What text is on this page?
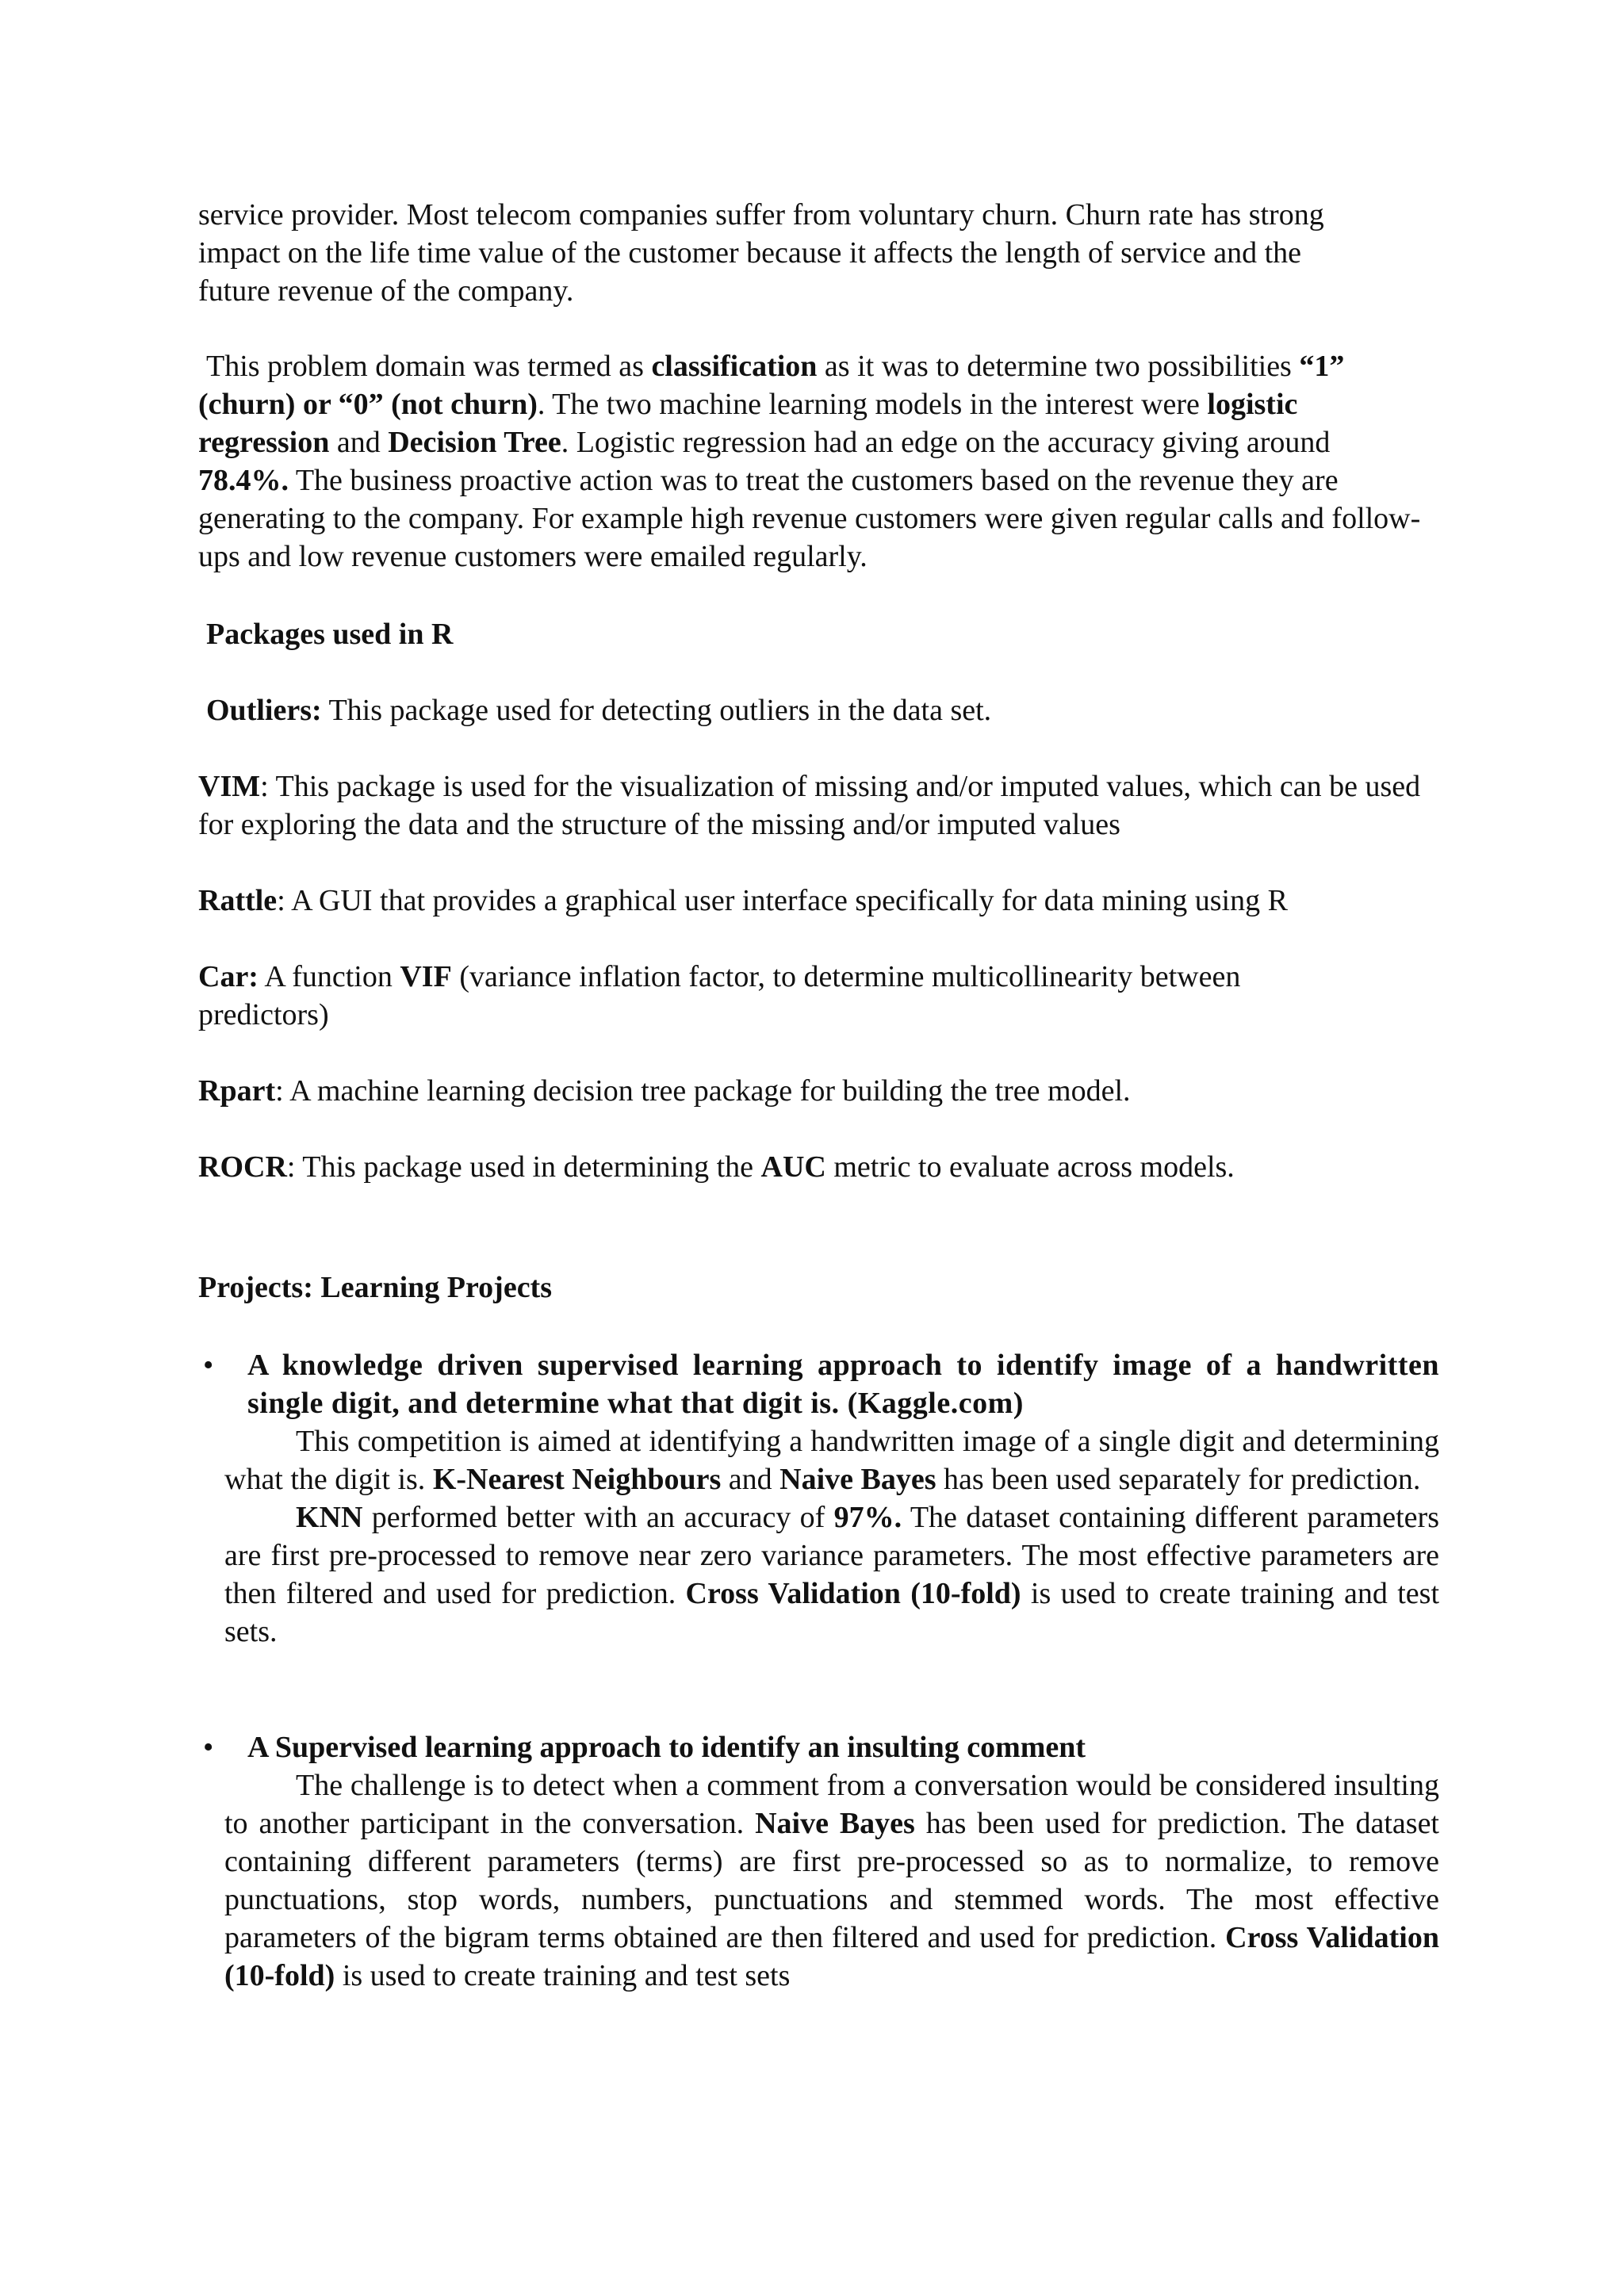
service provider. Most telecom companies suffer from voluntary churn. Churn rate has strong
impact on the life time value of the customer because it affects the length of service and the
future revenue of the company.

This problem domain was termed as classification as it was to determine two possibilities “1” (churn) or “0” (not churn). The two machine learning models in the interest were logistic regression and Decision Tree. Logistic regression had an edge on the accuracy giving around 78.4%. The business proactive action was to treat the customers based on the revenue they are generating to the company. For example high revenue customers were given regular calls and follow-ups and low revenue customers were emailed regularly.

Packages used in R

Outliers: This package used for detecting outliers in the data set.

VIM: This package is used for the visualization of missing and/or imputed values, which can be used for exploring the data and the structure of the missing and/or imputed values

Rattle: A GUI that provides a graphical user interface specifically for data mining using R

Car: A function VIF (variance inflation factor, to determine multicollinearity between predictors)

Rpart: A machine learning decision tree package for building the tree model.

ROCR: This package used in determining the AUC metric to evaluate across models.

Projects: Learning Projects
• A knowledge driven supervised learning approach to identify image of a handwritten single digit, and determine what that digit is. (Kaggle.com)

This competition is aimed at identifying a handwritten image of a single digit and determining what the digit is. K-Nearest Neighbours and Naive Bayes has been used separately for prediction.

KNN performed better with an accuracy of 97%. The dataset containing different parameters are first pre-processed to remove near zero variance parameters. The most effective parameters are then filtered and used for prediction. Cross Validation (10-fold) is used to create training and test sets.

• A Supervised learning approach to identify an insulting comment

The challenge is to detect when a comment from a conversation would be considered insulting to another participant in the conversation. Naive Bayes has been used for prediction. The dataset containing different parameters (terms) are first pre-processed so as to normalize, to remove punctuations, stop words, numbers, punctuations and stemmed words. The most effective parameters of the bigram terms obtained are then filtered and used for prediction. Cross Validation (10-fold) is used to create training and test sets
